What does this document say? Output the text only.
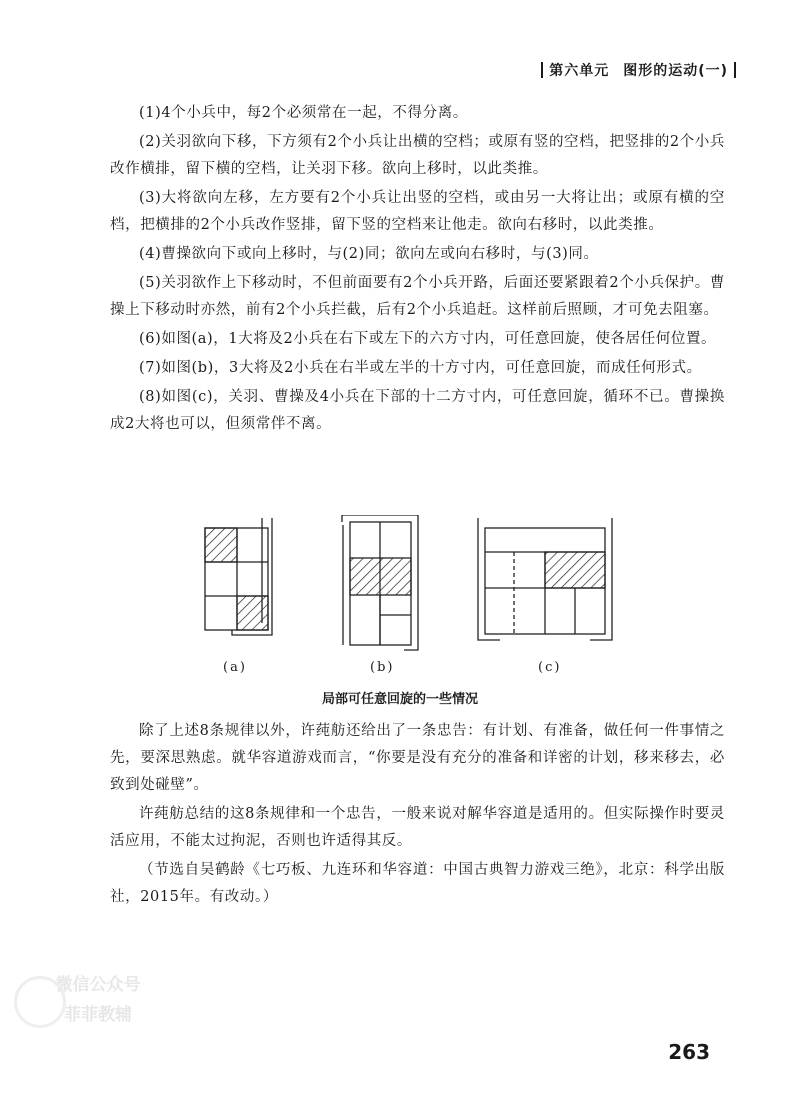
第六单元 图形的运动(一)

(1)4个小兵中，每2个必须常在一起，不得分离。

(2)关羽欲向下移，下方须有2个小兵让出横的空档；或原有竖的空档，把竖排的2个小兵改作横排，留下横的空档，让关羽下移。欲向上移时，以此类推。

(3)大将欲向左移，左方要有2个小兵让出竖的空档，或由另一大将让出；或原有横的空档，把横排的2个小兵改作竖排，留下竖的空档来让他走。欲向右移时，以此类推。

(4)曹操欲向下或向上移时，与(2)同；欲向左或向右移时，与(3)同。

(5)关羽欲作上下移动时，不但前面要有2个小兵开路，后面还要紧跟着2个小兵保护。曹操上下移动时亦然，前有2个小兵拦截，后有2个小兵追赶。这样前后照顾，才可免去阻塞。

(6)如图(a)，1大将及2小兵在右下或左下的六方寸内，可任意回旋，使各居任何位置。

(7)如图(b)，3大将及2小兵在右半或左半的十方寸内，可任意回旋，而成任何形式。

(8)如图(c)，关羽、曹操及4小兵在下部的十二方寸内，可任意回旋，循环不已。曹操换成2大将也可以，但须常伴不离。

(a)	(b)	(c)
局部可任意回旋的一些情况

除了上述8条规律以外，许莼舫还给出了一条忠告：有计划、有准备，做任何一件事情之先，要深思熟虑。就华容道游戏而言，“你要是没有充分的准备和详密的计划，移来移去，必致到处碰壁”。

许莼舫总结的这8条规律和一个忠告，一般来说对解华容道是适用的。但实际操作时要灵活应用，不能太过拘泥，否则也许适得其反。

（节选自吴鹤龄《七巧板、九连环和华容道：中国古典智力游戏三绝》，北京：科学出版社，2015年。有改动。）

微信公众号
菲菲教辅
263
